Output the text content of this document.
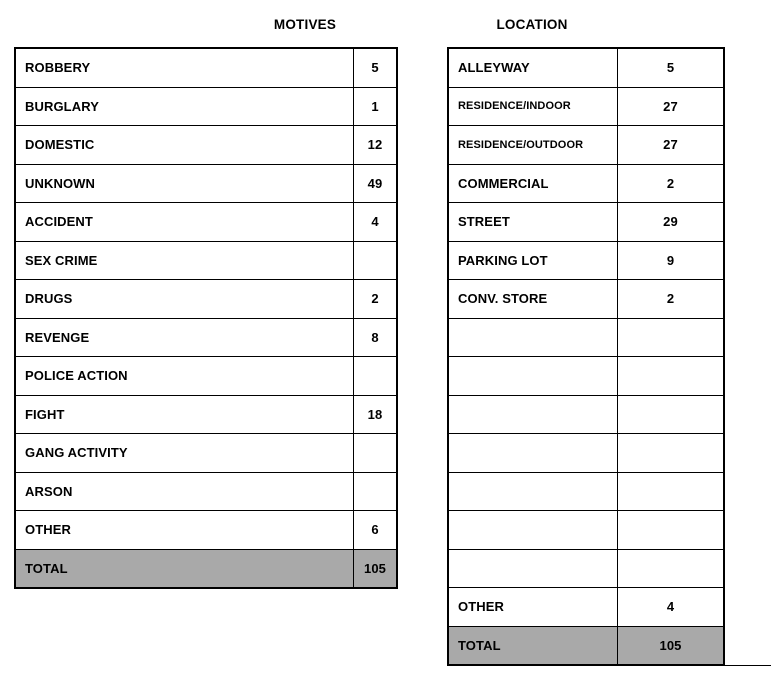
MOTIVES	LOCATION
ROBBERY	5
BURGLARY	1
DOMESTIC	12
UNKNOWN	49
ACCIDENT	4
SEX CRIME
DRUGS	2
REVENGE	8
POLICE ACTION
FIGHT	18
GANG ACTIVITY
ARSON
OTHER	6
TOTAL	105
ALLEYWAY	5
RESIDENCE/INDOOR	27
RESIDENCE/OUTDOOR	27
COMMERCIAL	2
STREET	29
PARKING LOT	9
CONV. STORE	2
OTHER	4
TOTAL	105
